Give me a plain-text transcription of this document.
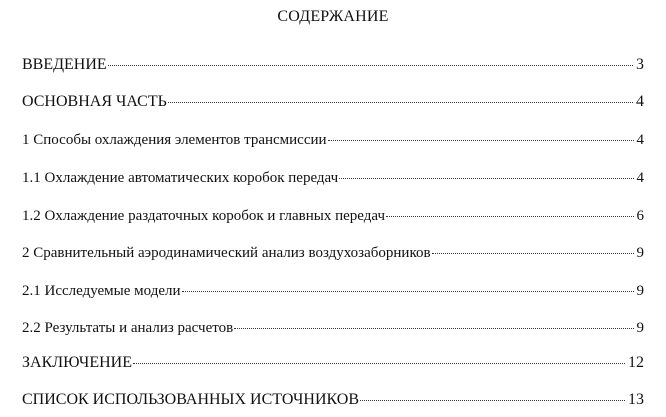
СОДЕРЖАНИЕ
ВВЕДЕНИЕ	3
ОСНОВНАЯ ЧАСТЬ	4
1 Способы охлаждения элементов трансмиссии	4
1.1 Охлаждение автоматических коробок передач	4
1.2 Охлаждение раздаточных коробок и главных передач	6
2 Сравнительный аэродинамический анализ воздухозаборников	9
2.1 Исследуемые модели	9
2.2 Результаты и анализ расчетов	9
ЗАКЛЮЧЕНИЕ	12
СПИСОК ИСПОЛЬЗОВАННЫХ ИСТОЧНИКОВ	13
